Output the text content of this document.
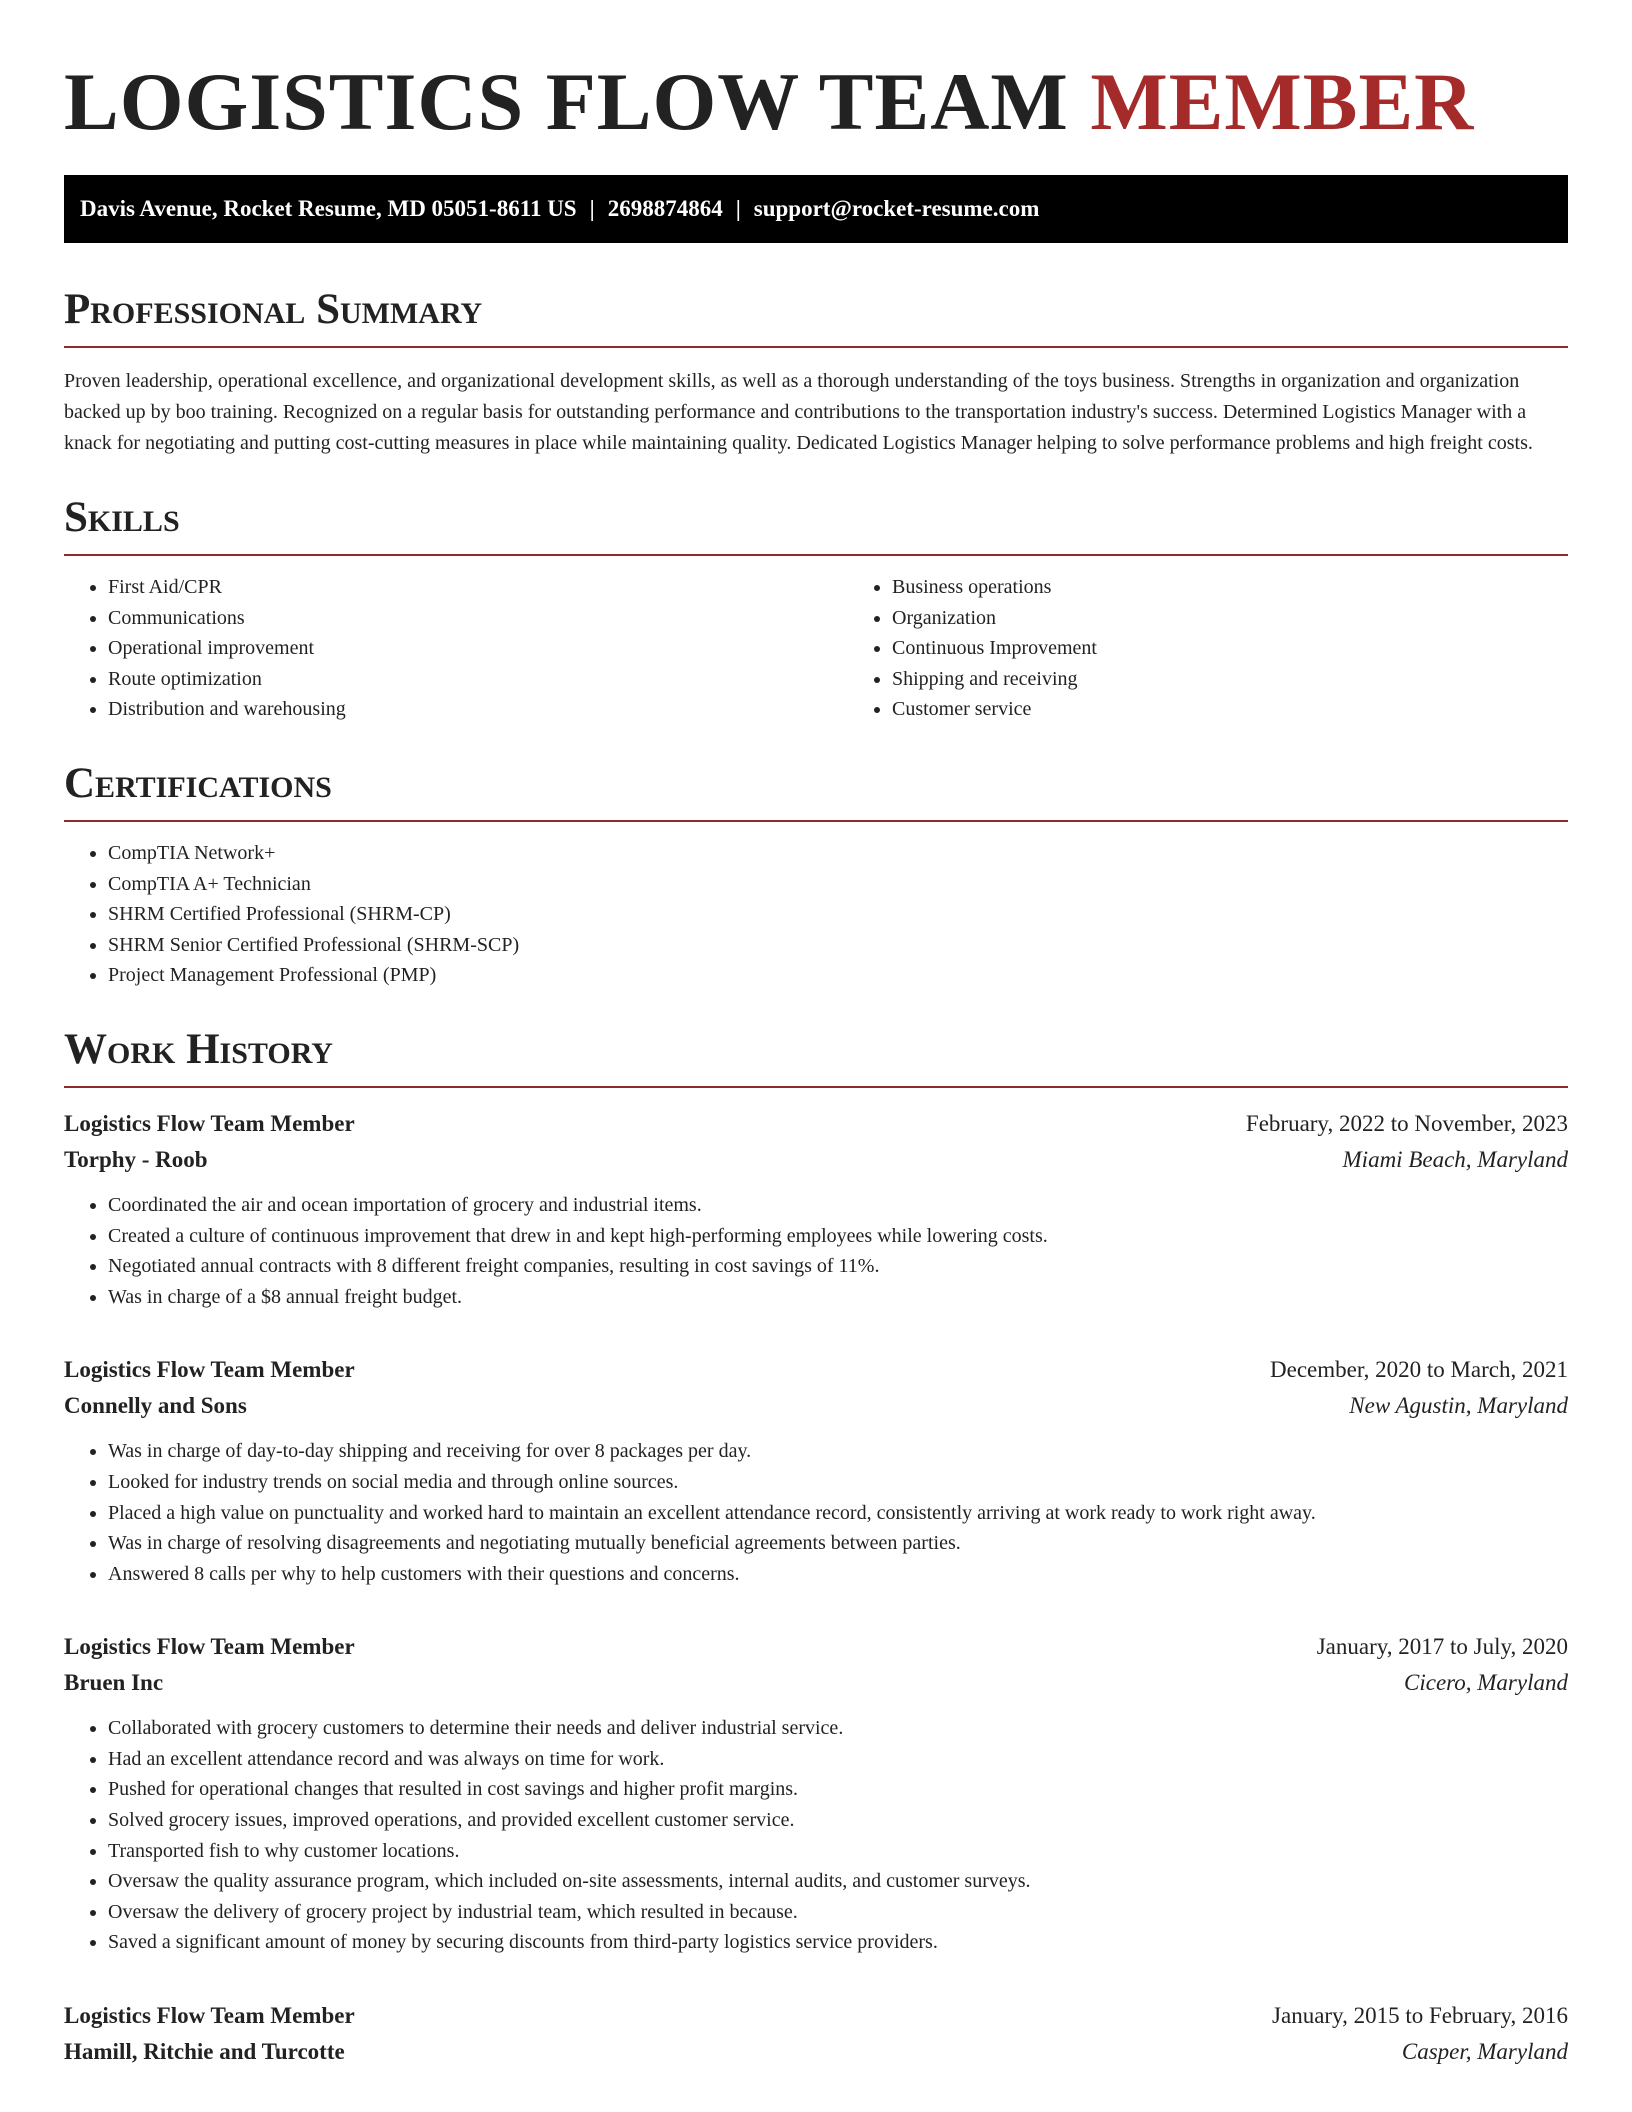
LOGISTICS FLOW TEAM MEMBER
Davis Avenue, Rocket Resume, MD 05051-8611 US | 2698874864 | support@rocket-resume.com
Professional Summary

Proven leadership, operational excellence, and organizational development skills, as well as a thorough understanding of the toys business. Strengths in organization and organization backed up by boo training. Recognized on a regular basis for outstanding performance and contributions to the transportation industry's success. Determined Logistics Manager with a knack for negotiating and putting cost-cutting measures in place while maintaining quality. Dedicated Logistics Manager helping to solve performance problems and high freight costs.

Skills
• First Aid/CPR
• Communications
• Operational improvement
• Route optimization
• Distribution and warehousing
• Business operations
• Organization
• Continuous Improvement
• Shipping and receiving
• Customer service
Certifications
• CompTIA Network+
• CompTIA A+ Technician
• SHRM Certified Professional (SHRM-CP)
• SHRM Senior Certified Professional (SHRM-SCP)
• Project Management Professional (PMP)
Work History
Logistics Flow Team Member	February, 2022 to November, 2023
Torphy - Roob	Miami Beach, Maryland
• Coordinated the air and ocean importation of grocery and industrial items.
• Created a culture of continuous improvement that drew in and kept high-performing employees while lowering costs.
• Negotiated annual contracts with 8 different freight companies, resulting in cost savings of 11%.
• Was in charge of a $8 annual freight budget.
Logistics Flow Team Member	December, 2020 to March, 2021
Connelly and Sons	New Agustin, Maryland
• Was in charge of day-to-day shipping and receiving for over 8 packages per day.
• Looked for industry trends on social media and through online sources.
• Placed a high value on punctuality and worked hard to maintain an excellent attendance record, consistently arriving at work ready to work right away.
• Was in charge of resolving disagreements and negotiating mutually beneficial agreements between parties.
• Answered 8 calls per why to help customers with their questions and concerns.
Logistics Flow Team Member	January, 2017 to July, 2020
Bruen Inc	Cicero, Maryland
• Collaborated with grocery customers to determine their needs and deliver industrial service.
• Had an excellent attendance record and was always on time for work.
• Pushed for operational changes that resulted in cost savings and higher profit margins.
• Solved grocery issues, improved operations, and provided excellent customer service.
• Transported fish to why customer locations.
• Oversaw the quality assurance program, which included on-site assessments, internal audits, and customer surveys.
• Oversaw the delivery of grocery project by industrial team, which resulted in because.
• Saved a significant amount of money by securing discounts from third-party logistics service providers.
Logistics Flow Team Member	January, 2015 to February, 2016
Hamill, Ritchie and Turcotte	Casper, Maryland
